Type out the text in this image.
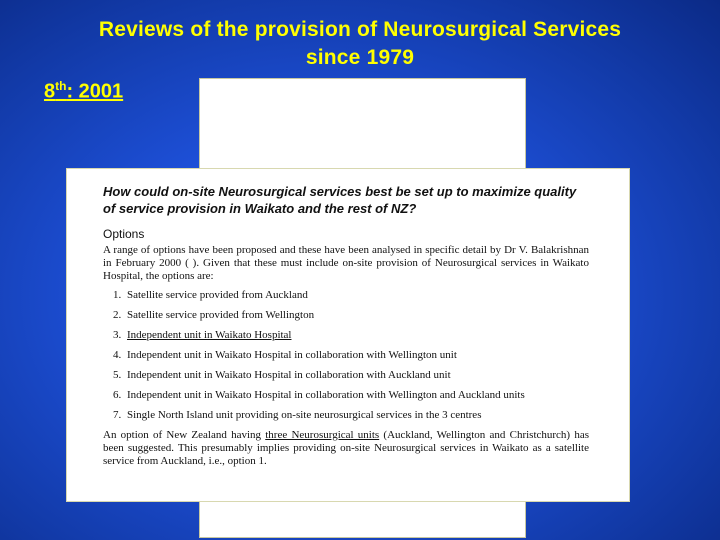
Reviews of the provision of Neurosurgical Services
since 1979
8th: 2001
How could on-site Neurosurgical services best be set up to maximize quality
of service provision in Waikato and the rest of NZ?
Options
A range of options have been proposed and these have been analysed in specific detail by Dr V. Balakrishnan in February 2000 ( ). Given that these must include on-site provision of Neurosurgical services in Waikato Hospital, the options are:
1. Satellite service provided from Auckland
2. Satellite service provided from Wellington
3. Independent unit in Waikato Hospital
4. Independent unit in Waikato Hospital in collaboration with Wellington unit
5. Independent unit in Waikato Hospital in collaboration with Auckland unit
6. Independent unit in Waikato Hospital in collaboration with Wellington and Auckland units
7. Single North Island unit providing on-site neurosurgical services in the 3 centres
An option of New Zealand having three Neurosurgical units (Auckland, Wellington and Christchurch) has been suggested. This presumably implies providing on-site Neurosurgical services in Waikato as a satellite service from Auckland, i.e., option 1.
